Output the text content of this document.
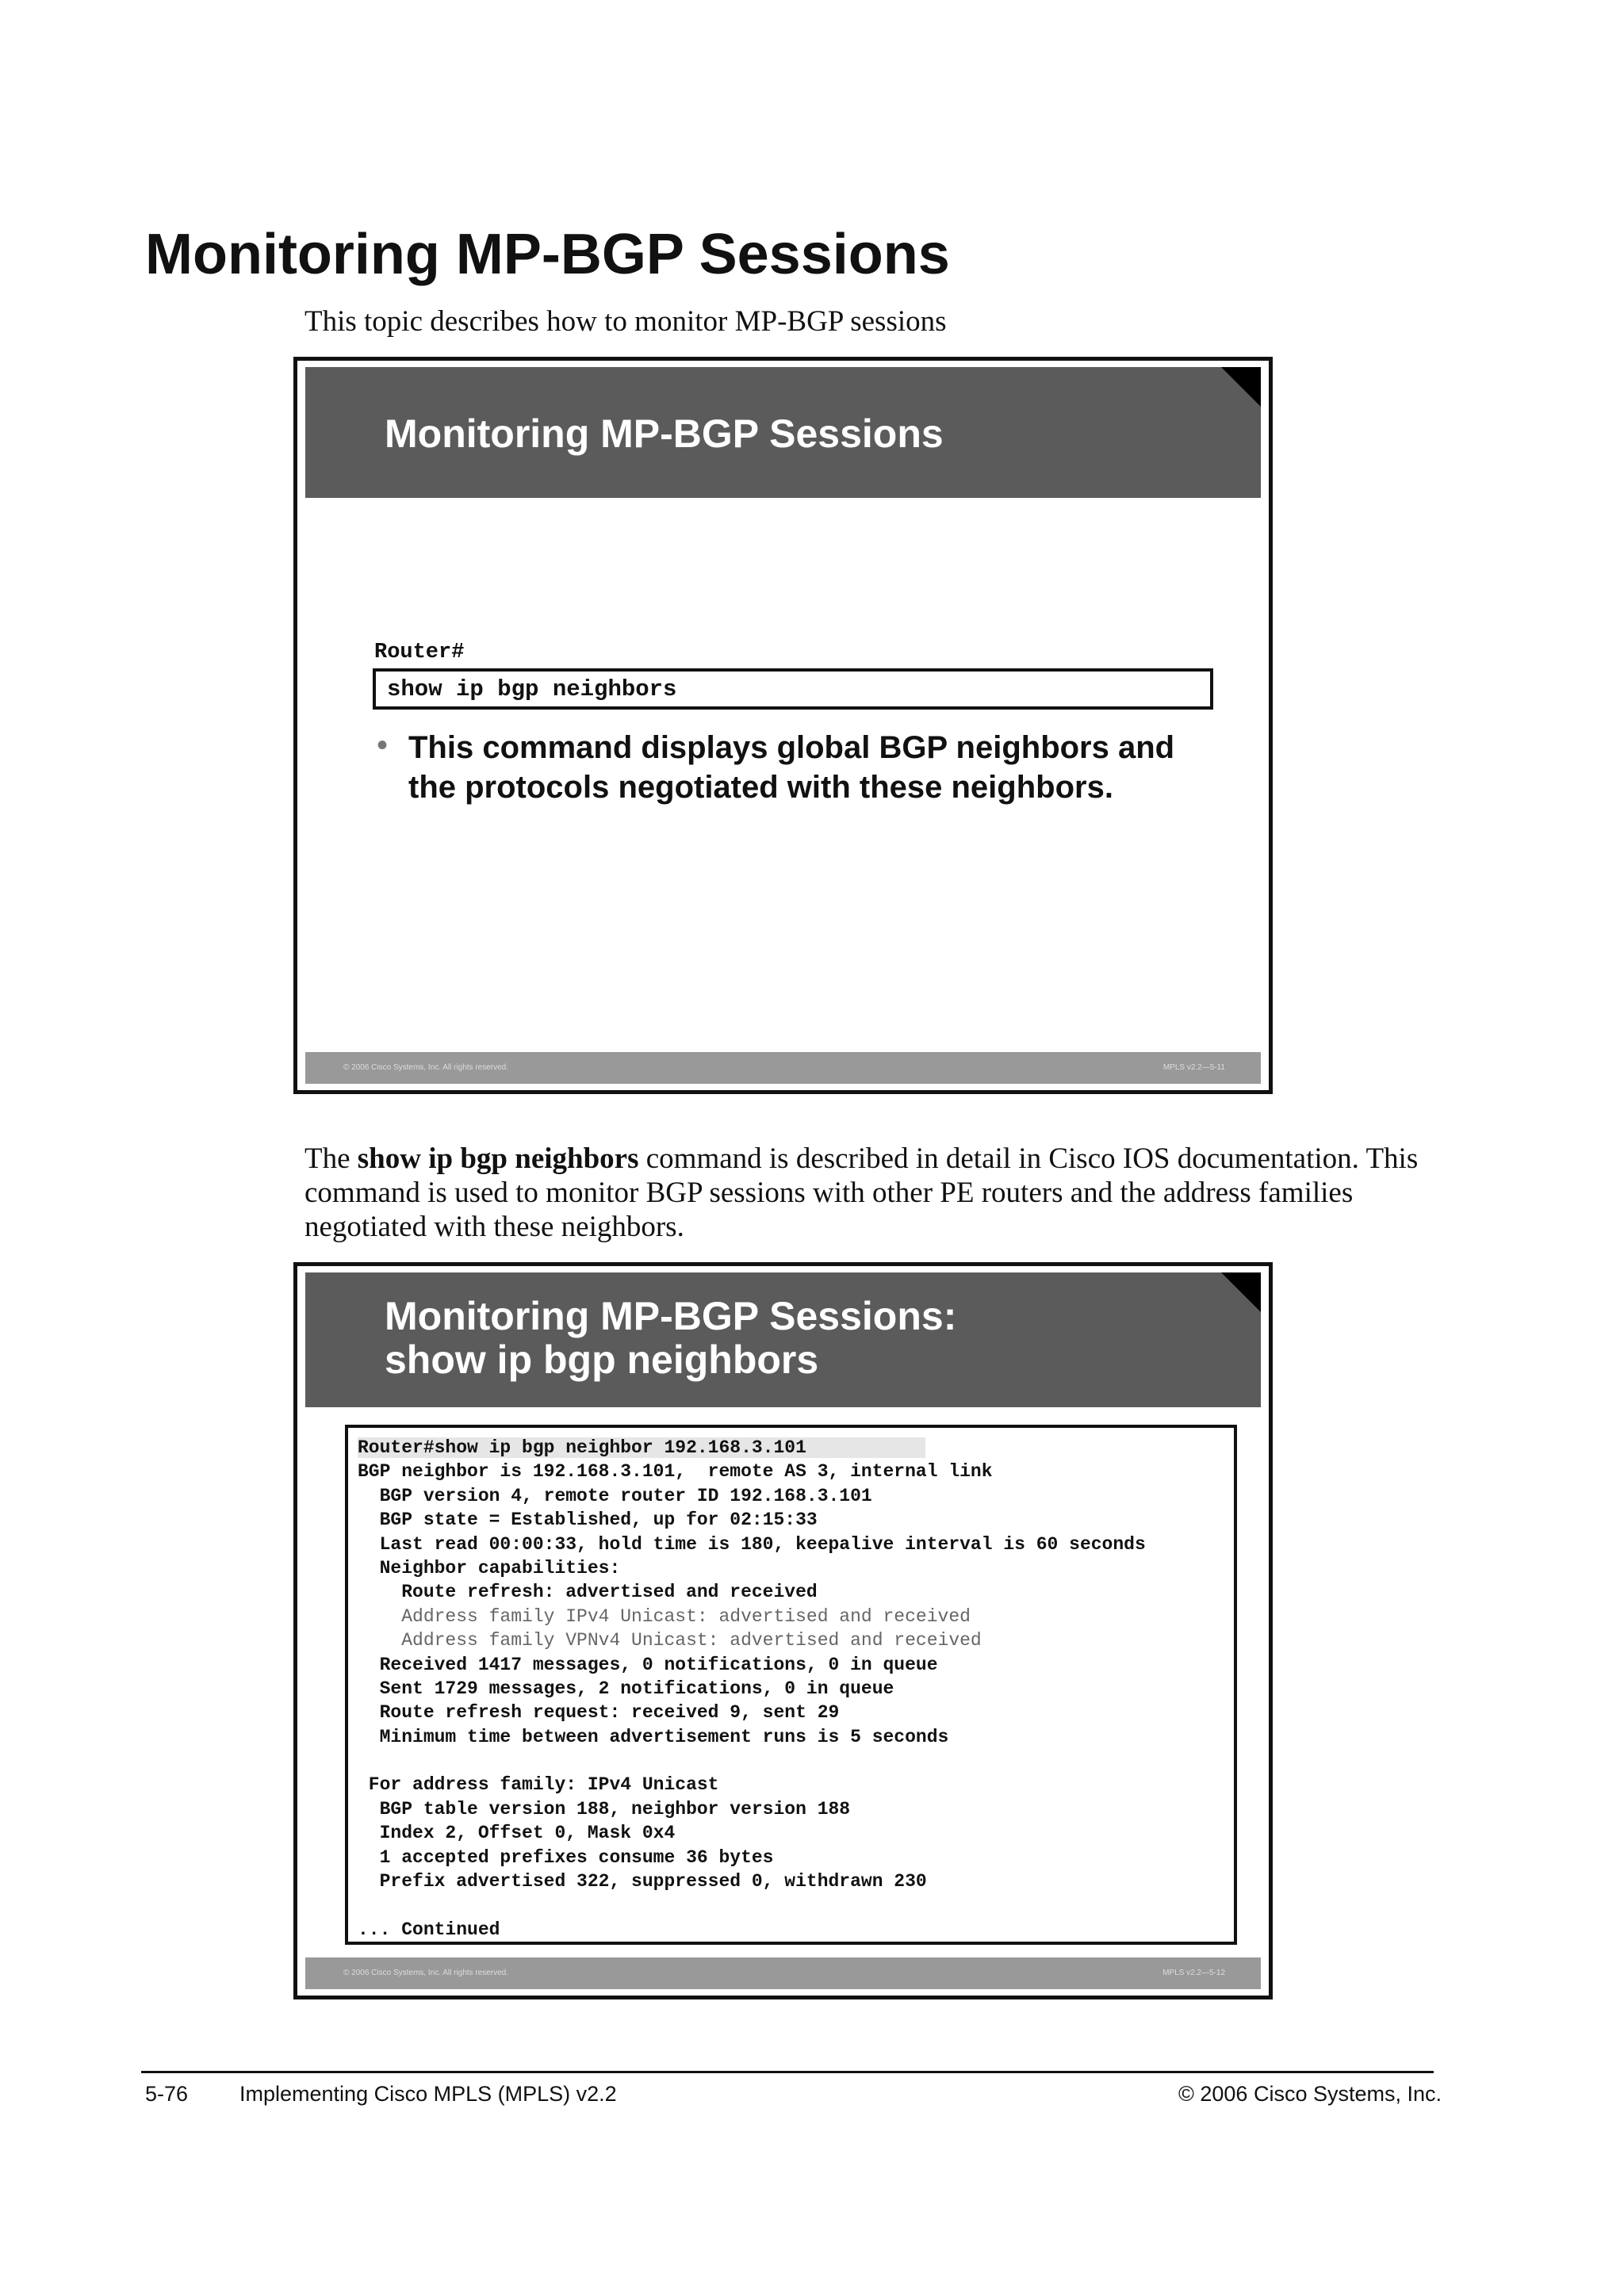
Monitoring MP-BGP Sessions
This topic describes how to monitor MP-BGP sessions
Monitoring MP-BGP Sessions
Router#
show ip bgp neighbors
• This command displays global BGP neighbors and the protocols negotiated with these neighbors.
© 2006 Cisco Systems, Inc. All rights reserved.	MPLS v2.2—5-11
The show ip bgp neighbors command is described in detail in Cisco IOS documentation. This command is used to monitor BGP sessions with other PE routers and the address families negotiated with these neighbors.
Monitoring MP-BGP Sessions:
show ip bgp neighbors
Router#show ip bgp neighbor 192.168.3.101
BGP neighbor is 192.168.3.101,  remote AS 3, internal link
BGP version 4, remote router ID 192.168.3.101
BGP state = Established, up for 02:15:33
Last read 00:00:33, hold time is 180, keepalive interval is 60 seconds
Neighbor capabilities:
Route refresh: advertised and received
Address family IPv4 Unicast: advertised and received
Address family VPNv4 Unicast: advertised and received
Received 1417 messages, 0 notifications, 0 in queue
Sent 1729 messages, 2 notifications, 0 in queue
Route refresh request: received 9, sent 29
Minimum time between advertisement runs is 5 seconds
For address family: IPv4 Unicast
BGP table version 188, neighbor version 188
Index 2, Offset 0, Mask 0x4
1 accepted prefixes consume 36 bytes
Prefix advertised 322, suppressed 0, withdrawn 230
... Continued
© 2006 Cisco Systems, Inc. All rights reserved.	MPLS v2.2—5-12
5-76 Implementing Cisco MPLS (MPLS) v2.2	© 2006 Cisco Systems, Inc.
